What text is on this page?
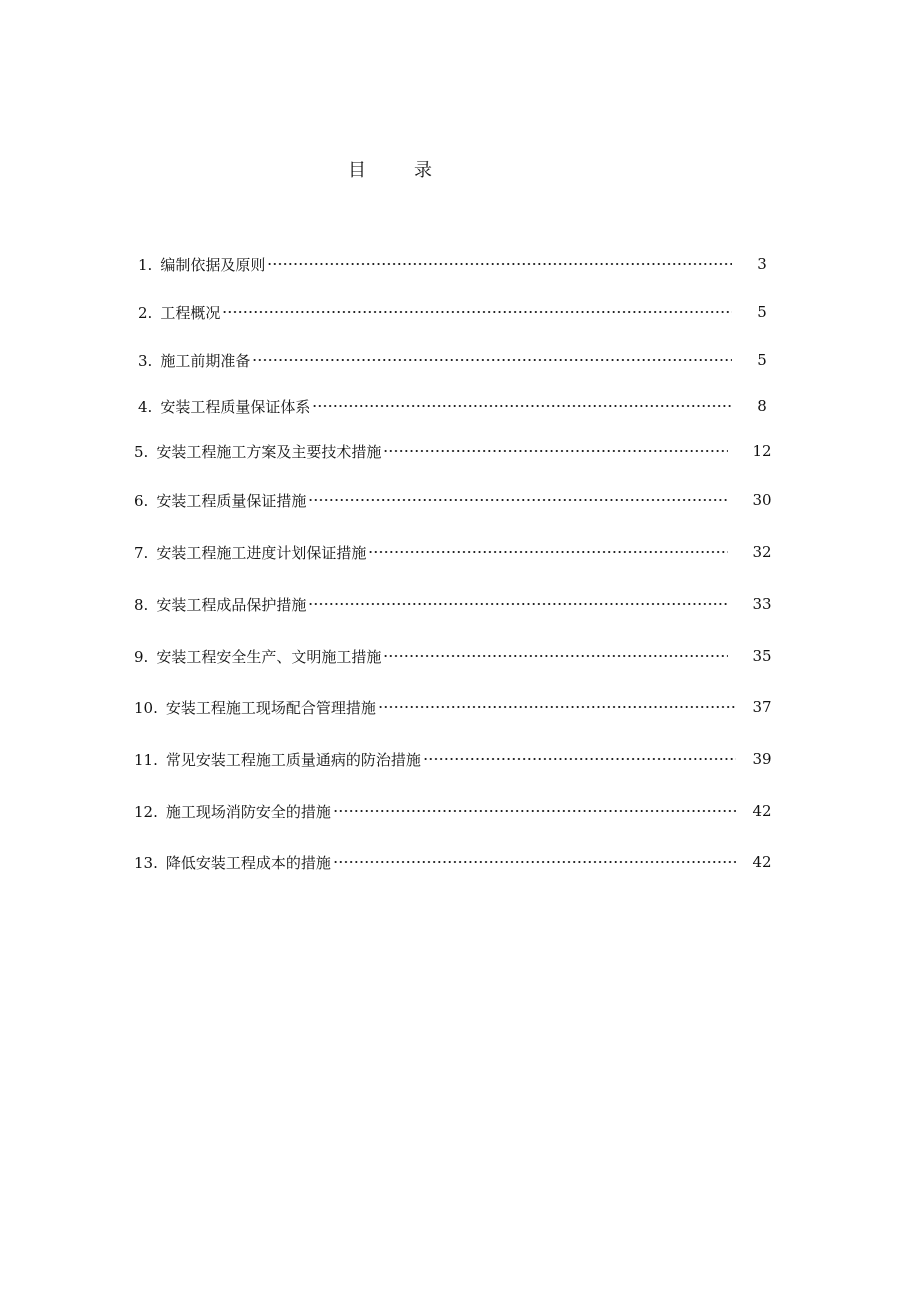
目	录
1. 编制依据及原则	3
2. 工程概况	5
3. 施工前期准备	5
4. 安装工程质量保证体系	8
5. 安装工程施工方案及主要技术措施	12
6. 安装工程质量保证措施	30
7. 安装工程施工进度计划保证措施	32
8. 安装工程成品保护措施	33
9. 安装工程安全生产、文明施工措施	35
10. 安装工程施工现场配合管理措施	37
11. 常见安装工程施工质量通病的防治措施	39
12. 施工现场消防安全的措施	42
13. 降低安装工程成本的措施	42
